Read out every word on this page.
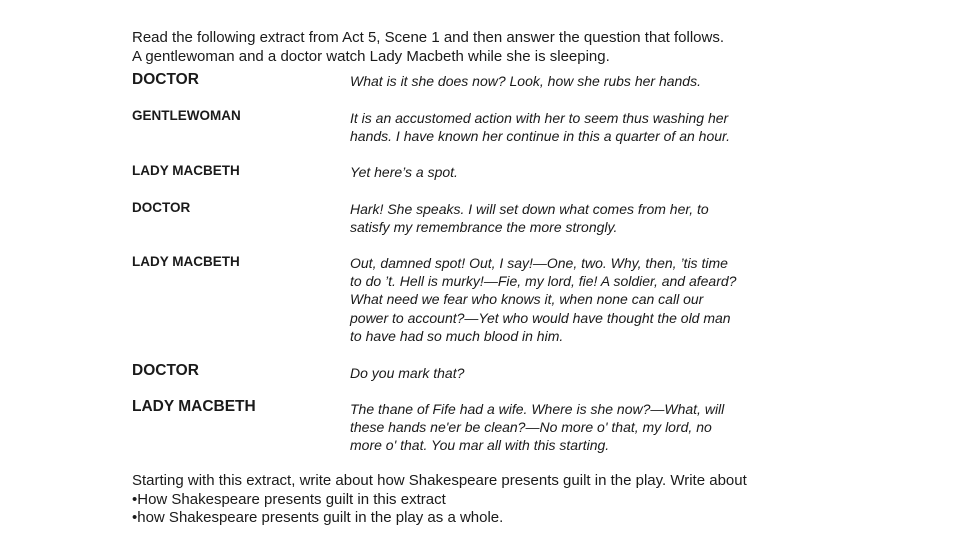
Read the following extract from Act 5, Scene 1 and then answer the question that follows.
A gentlewoman and a doctor watch Lady Macbeth while she is sleeping.
DOCTOR	What is it she does now? Look, how she rubs her hands.
GENTLEWOMAN	It is an accustomed action with her to seem thus washing her
hands. I have known her continue in this a quarter of an hour.
LADY MACBETH	Yet here’s a spot.
DOCTOR	Hark! She speaks. I will set down what comes from her, to
satisfy my remembrance the more strongly.
LADY MACBETH	Out, damned spot! Out, I say!—One, two. Why, then, ’tis time
to do ’t. Hell is murky!—Fie, my lord, fie! A soldier, and afeard?
What need we fear who knows it, when none can call our
power to account?—Yet who would have thought the old man
to have had so much blood in him.
DOCTOR	Do you mark that?
LADY MACBETH	The thane of Fife had a wife. Where is she now?—What, will
these hands ne'er be clean?—No more o' that, my lord, no
more o' that. You mar all with this starting.
Starting with this extract, write about how Shakespeare presents guilt in the play. Write about
•How Shakespeare presents guilt in this extract
•how Shakespeare presents guilt in the play as a whole.
